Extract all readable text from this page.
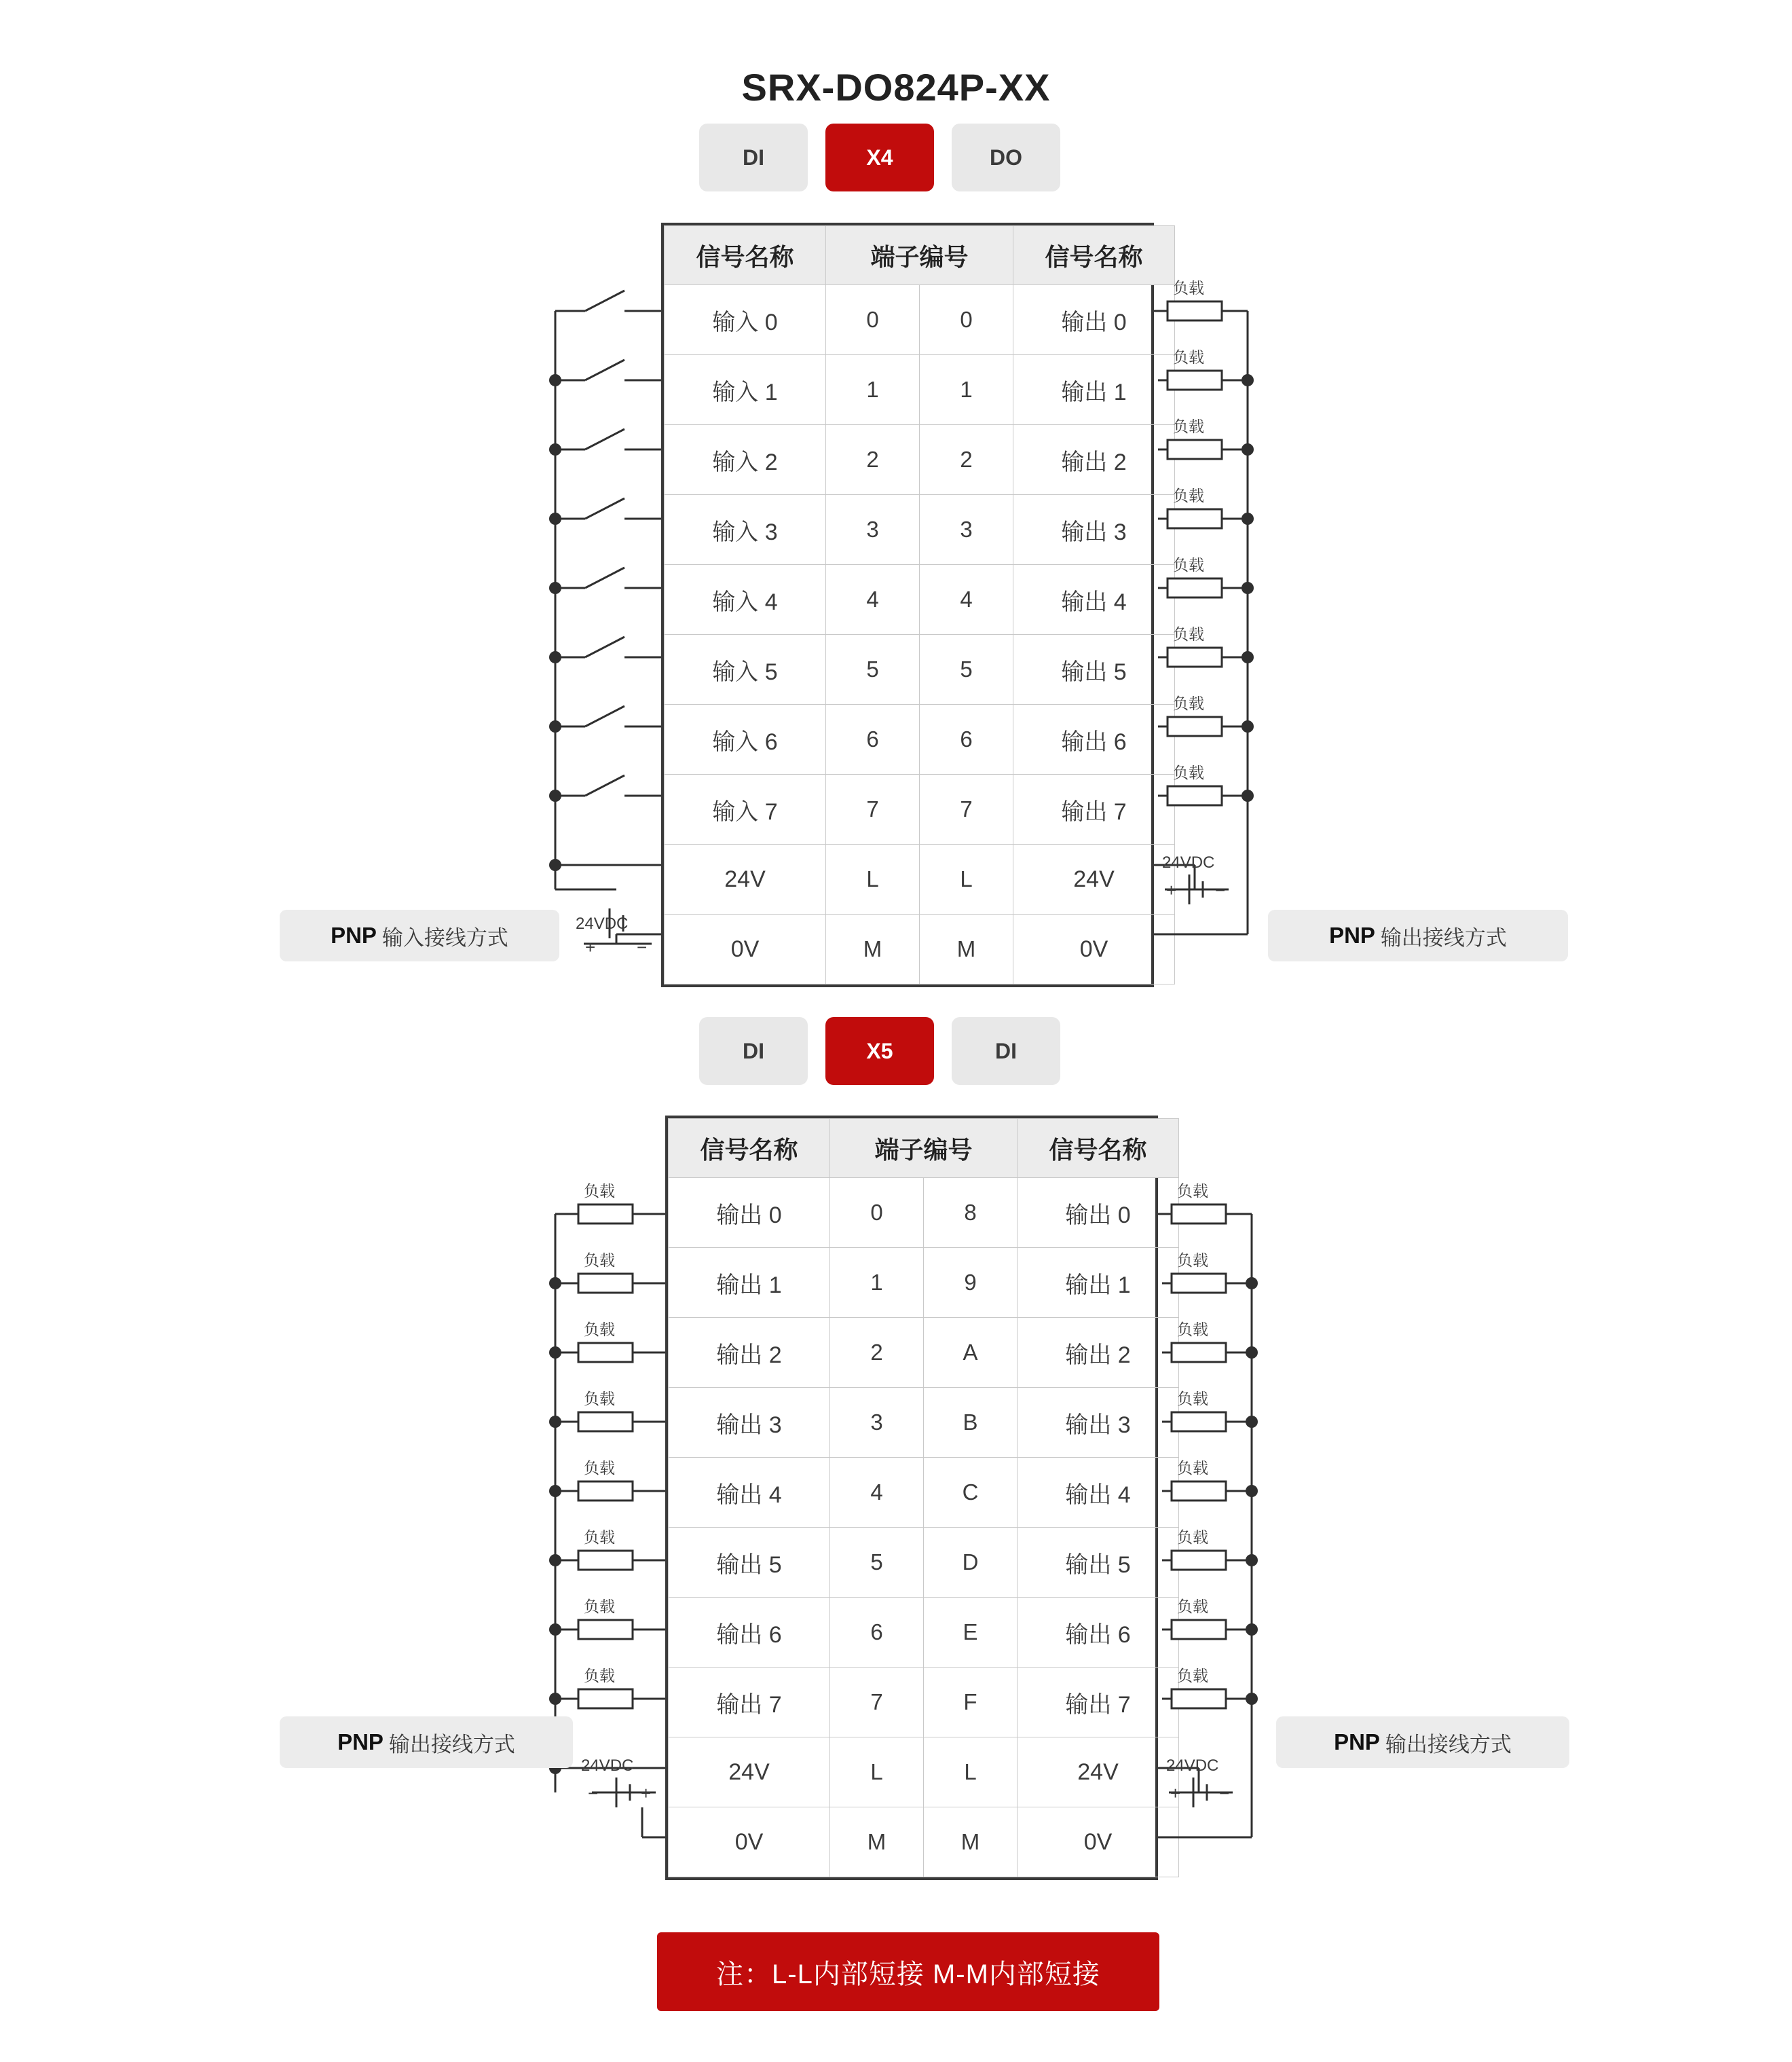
SRX-DO824P-XX
DI	X4	DO
信号名称	端子编号		信号名称
输入 0	0	0	输出 0
输入 1	1	1	输出 1
输入 2	2	2	输出 2
输入 3	3	3	输出 3
输入 4	4	4	输出 4
输入 5	5	5	输出 5
输入 6	6	6	输出 6
输入 7	7	7	输出 7
24V	L	L	24V
0V	M	M	0V
DI	X5	DI
信号名称	端子编号		信号名称
输出 0	0	8	输出 0
输出 1	1	9	输出 1
输出 2	2	A	输出 2
输出 3	3	B	输出 3
输出 4	4	C	输出 4
输出 5	5	D	输出 5
输出 6	6	E	输出 6
输出 7	7	F	输出 7
24V	L	L	24V
0V	M	M	0V
24VDC
+ −
负载
负载
负载
负载
负载
负载
负载
负载
24VDC
+ −
负载
负载
负载
负载
负载
负载
负载
负载
24VDC
− +
负载
负载
负载
负载
负载
负载
负载
负载
24VDC
+ −
PNP 输入接线方式	PNP 输出接线方式
PNP 输出接线方式	PNP 输出接线方式
注：L-L内部短接 M-M内部短接
